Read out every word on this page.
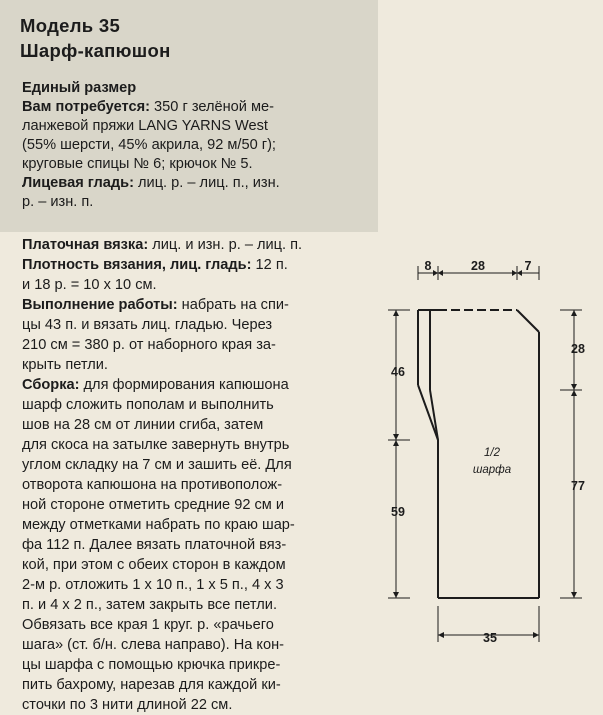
Модель 35
Шарф-капюшон
Единый размер
Вам потребуется: 350 г зелёной ме-
ланжевой пряжи LANG YARNS West
(55% шерсти, 45% акрила, 92 м/50 г);
круговые спицы № 6; крючок № 5.
Лицевая гладь: лиц. р. – лиц. п., изн.
р. – изн. п.
Платочная вязка: лиц. и изн. р. – лиц. п.
Плотность вязания, лиц. гладь: 12 п.
и 18 р. = 10 х 10 см.
Выполнение работы: набрать на спи-
цы 43 п. и вязать лиц. гладью. Через
210 см = 380 р. от наборного края за-
крыть петли.
Сборка: для формирования капюшона
шарф сложить пополам и выполнить
шов на 28 см от линии сгиба, затем
для скоса на затылке завернуть внутрь
углом складку на 7 см и зашить её. Для
отворота капюшона на противополож-
ной стороне отметить средние 92 см и
между отметками набрать по краю шар-
фа 112 п. Далее вязать платочной вяз-
кой, при этом с обеих сторон в каждом
2-м р. отложить 1 х 10 п., 1 х 5 п., 4 х 3
п. и 4 х 2 п., затем закрыть все петли.
Обвязать все края 1 круг. р. «рачьего
шага» (ст. б/н. слева направо). На кон-
цы шарфа с помощью крючка прикре-
пить бахрому, нарезав для каждой ки-
сточки по 3 нити длиной 22 см.
8	28	7
28
77
46
59
35
1/2
шарфа
